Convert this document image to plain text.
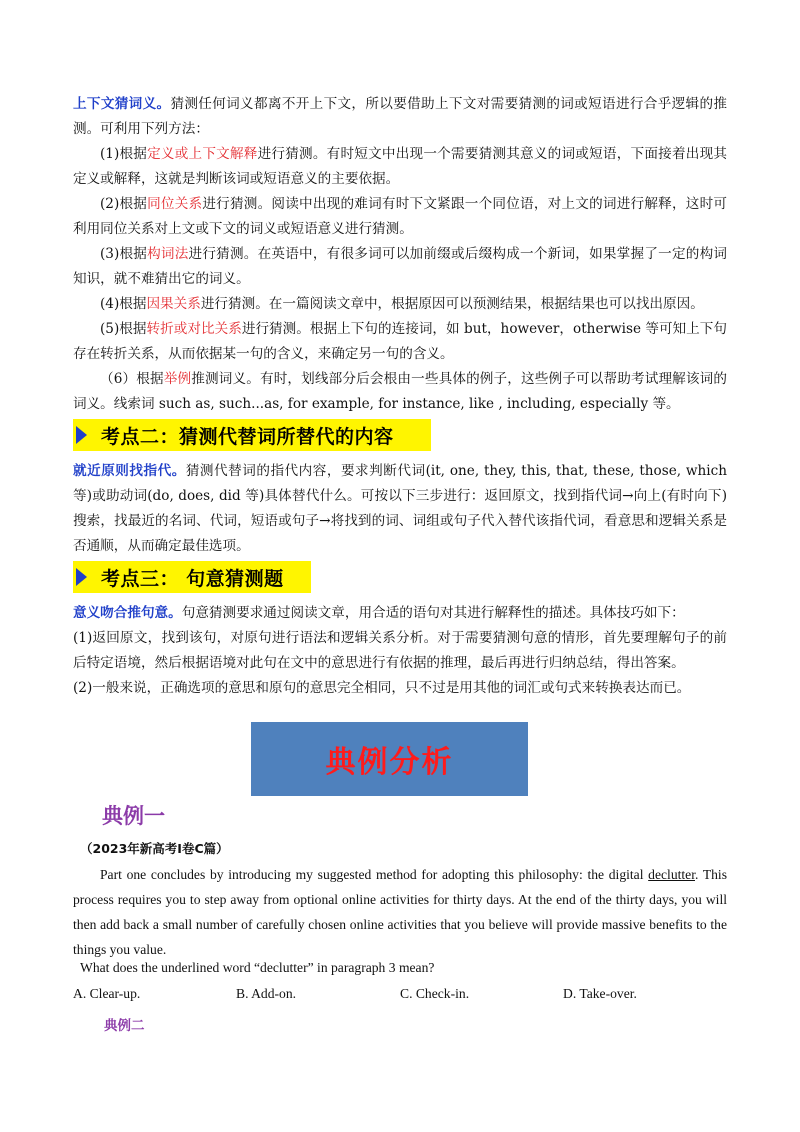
上下文猜词义。猜测任何词义都离不开上下文，所以要借助上下文对需要猜测的词或短语进行合乎逻辑的推测。可利用下列方法：

(1)根据定义或上下文解释进行猜测。有时短文中出现一个需要猜测其意义的词或短语，下面接着出现其定义或解释，这就是判断该词或短语意义的主要依据。

(2)根据同位关系进行猜测。阅读中出现的难词有时下文紧跟一个同位语，对上文的词进行解释，这时可利用同位关系对上文或下文的词义或短语意义进行猜测。

(3)根据构词法进行猜测。在英语中，有很多词可以加前缀或后缀构成一个新词，如果掌握了一定的构词知识，就不难猜出它的词义。

(4)根据因果关系进行猜测。在一篇阅读文章中，根据原因可以预测结果，根据结果也可以找出原因。

(5)根据转折或对比关系进行猜测。根据上下句的连接词，如 but，however，otherwise 等可知上下句存在转折关系，从而依据某一句的含义，来确定另一句的含义。

（6）根据举例推测词义。有时，划线部分后会根由一些具体的例子，这些例子可以帮助考试理解该词的词义。线索词 such as, such...as, for example, for instance, like , including, especially 等。

考点二：猜测代替词所替代的内容

就近原则找指代。猜测代替词的指代内容，要求判断代词(it, one, they, this, that, these, those, which 等)或助动词(do, does, did 等)具体替代什么。可按以下三步进行：返回原文，找到指代词→向上(有时向下)搜索，找最近的名词、代词，短语或句子→将找到的词、词组或句子代入替代该指代词，看意思和逻辑关系是否通顺，从而确定最佳选项。

考点三： 句意猜测题

意义吻合推句意。句意猜测要求通过阅读文章，用合适的语句对其进行解释性的描述。具体技巧如下：

(1)返回原文，找到该句，对原句进行语法和逻辑关系分析。对于需要猜测句意的情形，首先要理解句子的前后特定语境，然后根据语境对此句在文中的意思进行有依据的推理，最后再进行归纳总结，得出答案。

(2)一般来说，正确选项的意思和原句的意思完全相同，只不过是用其他的词汇或句式来转换表达而已。

典例分析
典例一
（2023年新高考I卷C篇）

Part one concludes by introducing my suggested method for adopting this philosophy: the digital declutter. This process requires you to step away from optional online activities for thirty days. At the end of the thirty days, you will then add back a small number of carefully chosen online activities that you believe will provide massive benefits to the things you value.

What does the underlined word “declutter” in paragraph 3 mean?
A. Clear-up.	B. Add-on.	C. Check-in.	D. Take-over.
典例二
